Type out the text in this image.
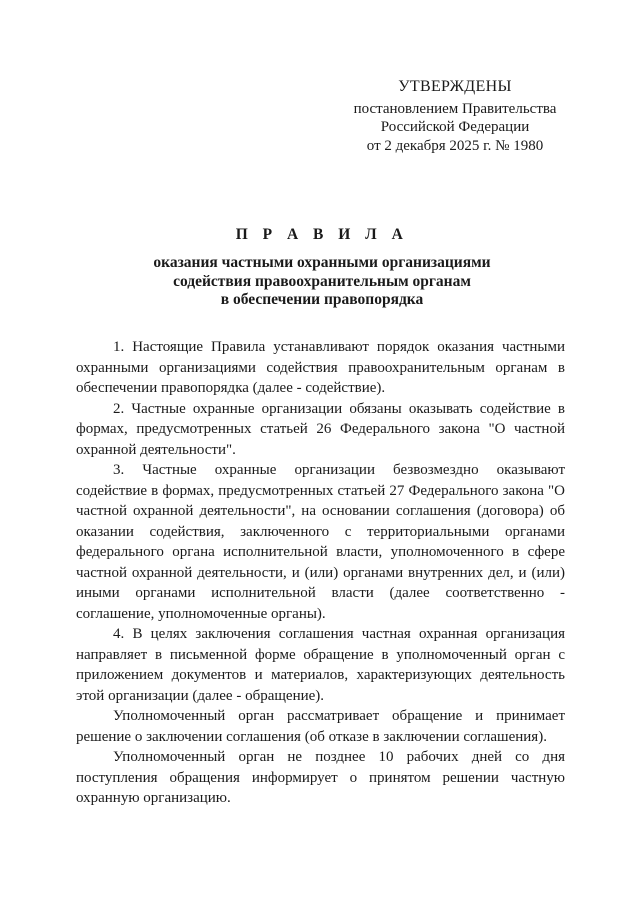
УТВЕРЖДЕНЫ
постановлением Правительства
Российской Федерации
от 2 декабря 2025 г. № 1980
П Р А В И Л А
оказания частными охранными организациями
содействия правоохранительным органам
в обеспечении правопорядка

1. Настоящие Правила устанавливают порядок оказания частными охранными организациями содействия правоохранительным органам в обеспечении правопорядка (далее - содействие).

2. Частные охранные организации обязаны оказывать содействие в формах, предусмотренных статьей 26 Федерального закона "О частной охранной деятельности".

3. Частные охранные организации безвозмездно оказывают содействие в формах, предусмотренных статьей 27 Федерального закона "О частной охранной деятельности", на основании соглашения (договора) об оказании содействия, заключенного с территориальными органами федерального органа исполнительной власти, уполномоченного в сфере частной охранной деятельности, и (или) органами внутренних дел, и (или) иными органами исполнительной власти (далее соответственно - соглашение, уполномоченные органы).

4. В целях заключения соглашения частная охранная организация направляет в письменной форме обращение в уполномоченный орган с приложением документов и материалов, характеризующих деятельность этой организации (далее - обращение).

Уполномоченный орган рассматривает обращение и принимает решение о заключении соглашения (об отказе в заключении соглашения).

Уполномоченный орган не позднее 10 рабочих дней со дня поступления обращения информирует о принятом решении частную охранную организацию.
